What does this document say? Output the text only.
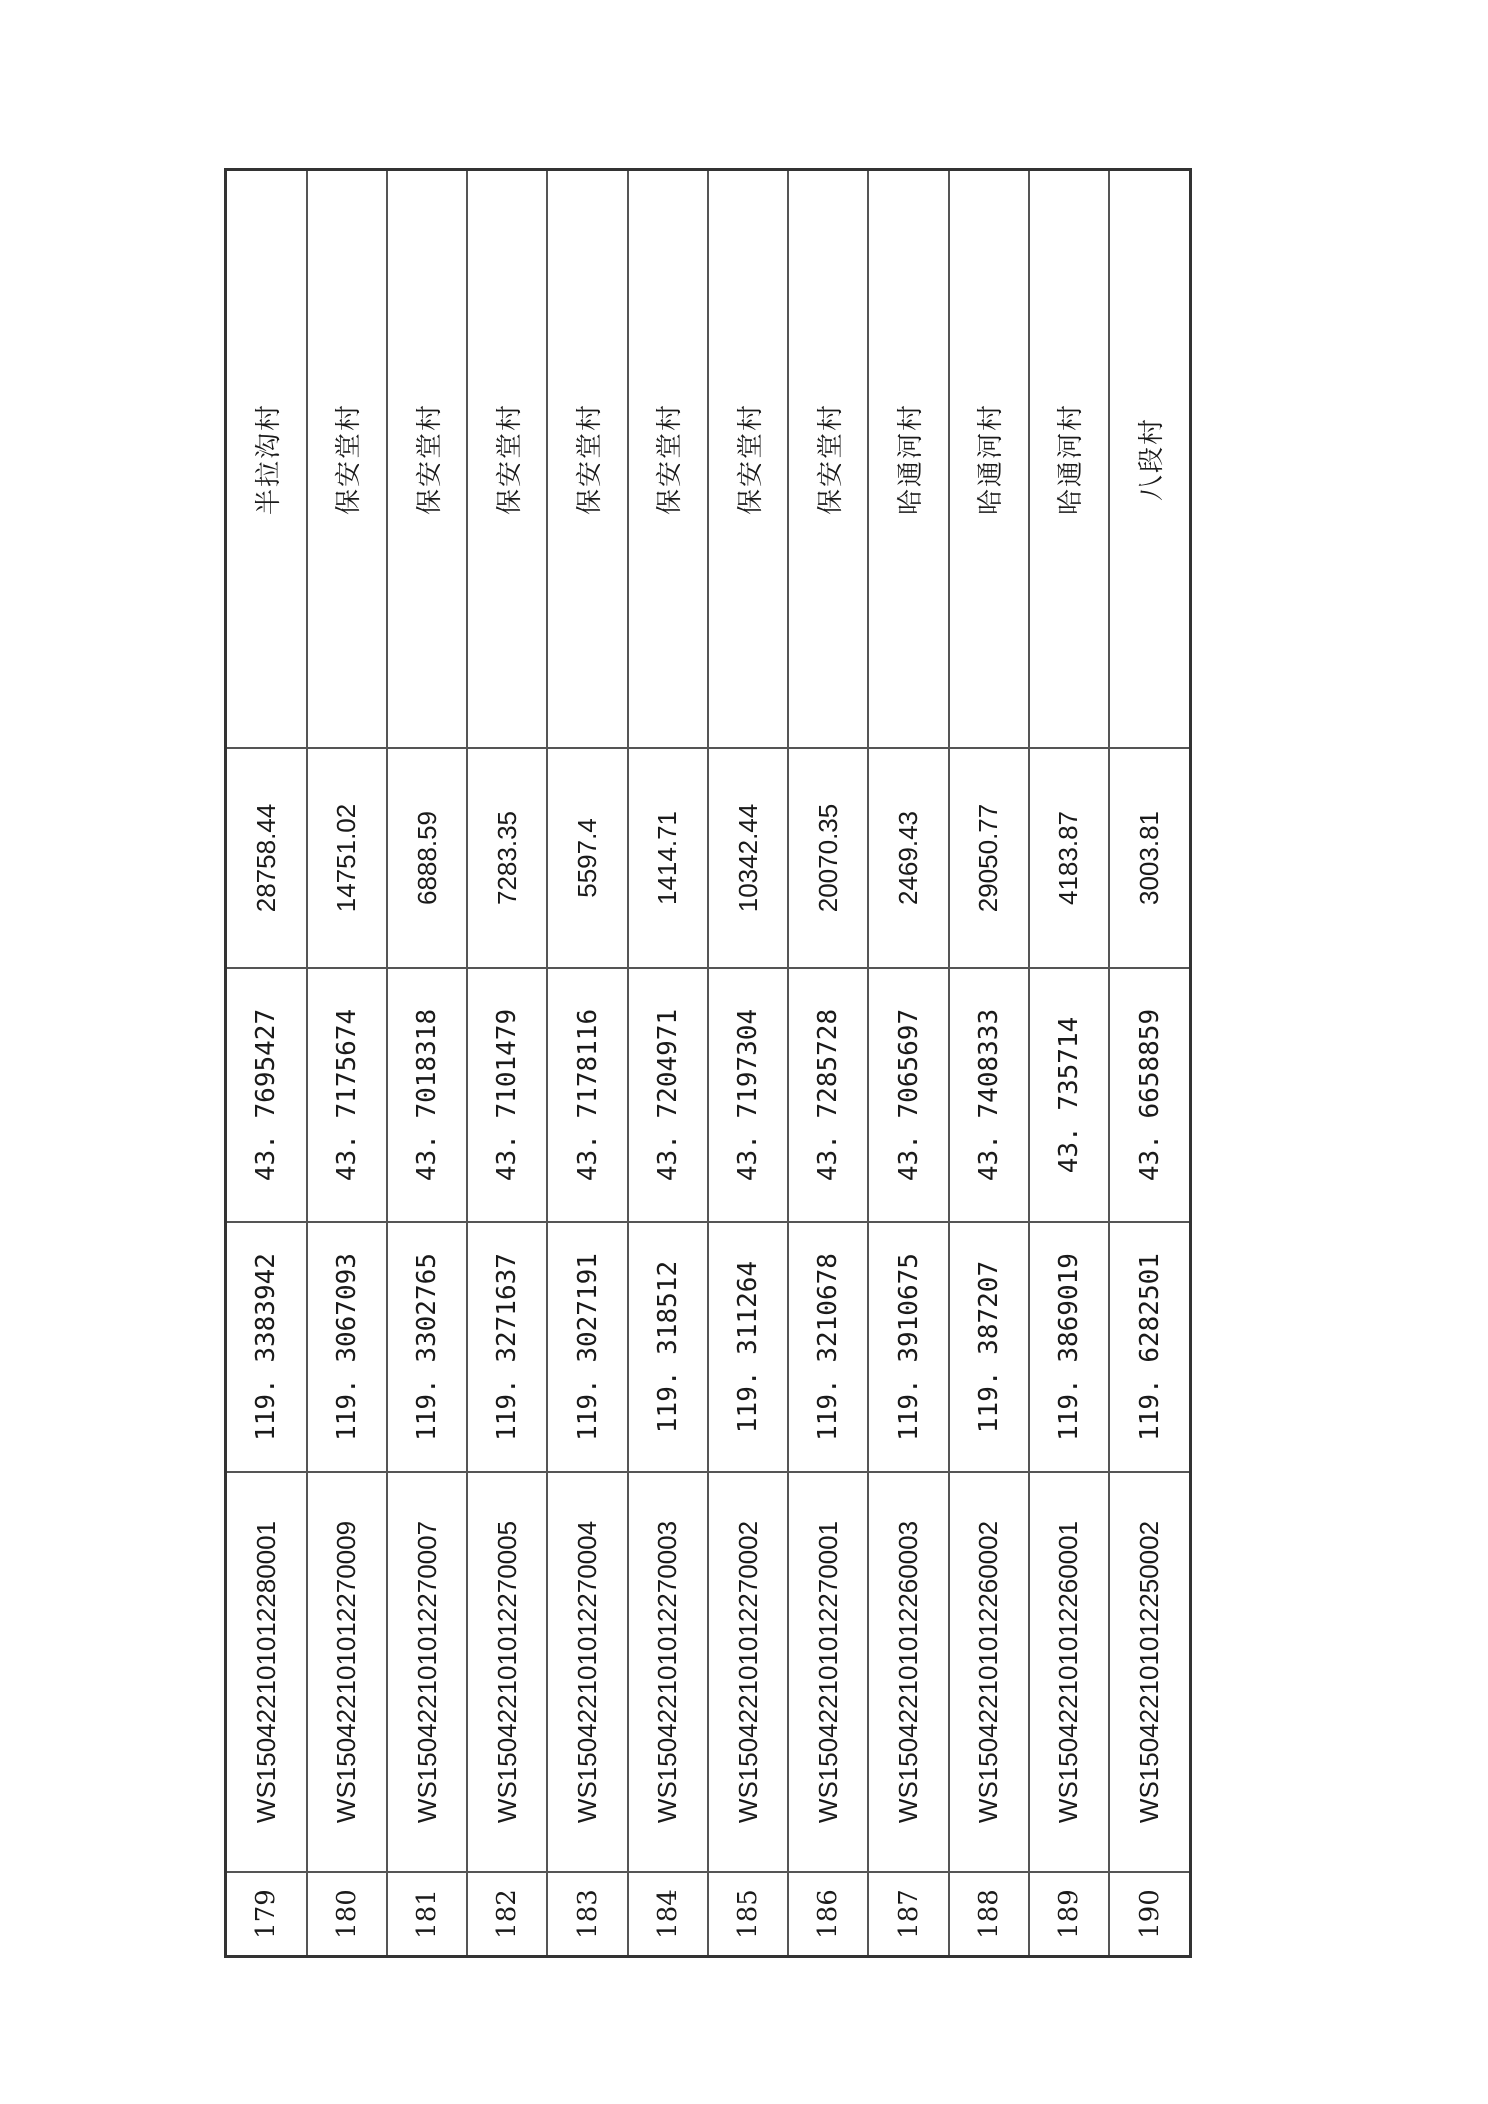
179	WS150422101012280001	119. 3383942	43. 7695427	28758.44	半拉沟村
180	WS150422101012270009	119. 3067093	43. 7175674	14751.02	保安堂村
181	WS150422101012270007	119. 3302765	43. 7018318	6888.59	保安堂村
182	WS150422101012270005	119. 3271637	43. 7101479	7283.35	保安堂村
183	WS150422101012270004	119. 3027191	43. 7178116	5597.4	保安堂村
184	WS150422101012270003	119. 318512	43. 7204971	1414.71	保安堂村
185	WS150422101012270002	119. 311264	43. 7197304	10342.44	保安堂村
186	WS150422101012270001	119. 3210678	43. 7285728	20070.35	保安堂村
187	WS150422101012260003	119. 3910675	43. 7065697	2469.43	哈通河村
188	WS150422101012260002	119. 387207	43. 7408333	29050.77	哈通河村
189	WS150422101012260001	119. 3869019	43. 735714	4183.87	哈通河村
190	WS150422101012250002	119. 6282501	43. 6658859	3003.81	八段村
